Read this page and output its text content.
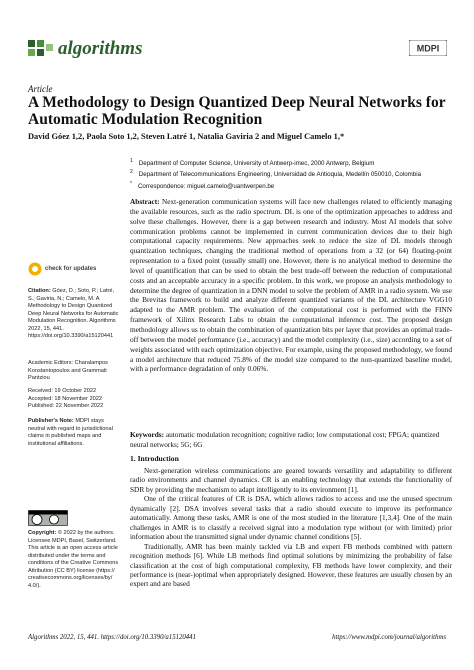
algorithms	MDPI
Article
A Methodology to Design Quantized Deep Neural Networks for Automatic Modulation Recognition
David Góez 1,2, Paola Soto 1,2, Steven Latré 1, Natalia Gaviria 2 and Miguel Camelo 1,*
$^1$ Department of Computer Science, University of Antwerp-imec, 2000 Antwerp, Belgium
$^2$ Department of Telecommunications Engineering, Universidad de Antioquia, Medellín 050010, Colombia
* Correspondence: miguel.camelo@uantwerpen.be
Abstract: Next-generation communication systems will face new challenges related to efficiently managing the available resources, such as the radio spectrum. DL is one of the optimization approaches to address and solve these challenges. However, there is a gap between research and industry. Most AI models that solve communication problems cannot be implemented in current communication devices due to their high computational capacity requirements. New approaches seek to reduce the size of DL models through quantization techniques, changing the traditional method of operations from a 32 (or 64) floating-point representation to a fixed point (usually small) one. However, there is no analytical method to determine the level of quantification that can be used to obtain the best trade-off between the reduction of computational costs and an acceptable accuracy in a specific problem. In this work, we propose an analysis methodology to determine the degree of quantization in a DNN model to solve the problem of AMR in a radio system. We use the Brevitas framework to build and analyze different quantized variants of the DL architecture VGG10 adapted to the AMR problem. The evaluation of the computational cost is performed with the FINN framework of Xilinx Research Labs to obtain the computational inference cost. The proposed design methodology allows us to obtain the combination of quantization bits per layer that provides an optimal trade-off between the model performance (i.e., accuracy) and the model complexity (i.e., size) according to a set of weights associated with each optimization objective. For example, using the proposed methodology, we found a model architecture that reduced 75.8% of the model size compared to the non-quantized baseline model, with a performance degradation of only 0.06%.
Keywords: automatic modulation recognition; cognitive radio; low computational cost; FPGA; quantized neural networks; 5G; 6G
1. Introduction

Next-generation wireless communications are geared towards versatility and adaptability to different radio environments and channel dynamics. CR is an enabling technology that extends the functionality of SDR by providing the mechanism to adapt intelligently to its environment [1].

One of the critical features of CR is DSA, which allows radios to access and use the unused spectrum dynamically [2]. DSA involves several tasks that a radio should execute to improve its performance automatically. Among these tasks, AMR is one of the most studied in the literature [1,3,4]. One of the main challenges in AMR is to classify a received signal into a modulation type without (or with limited) prior information about the transmitted signal under dynamic channel conditions [5].

Traditionally, AMR has been mainly tackled via LB and expert FB methods combined with pattern recognition methods [6]. While LB methods find optimal solutions by minimizing the probability of false classification at the cost of high computational complexity, FB methods have lower complexity, and their performance is (near-)optimal when appropriately designed. However, these features are usually chosen by an expert and are based

check for updates
Citation: Góez, D.; Soto, P.; Latré, S.; Gaviria, N.; Camelo, M. A Methodology to Design Quantized Deep Neural Networks for Automatic Modulation Recognition. Algorithms 2022, 15, 441. https://doi.org/10.3390/a15120441
Academic Editors: Charalampos Konstantopoulos and Grammati Pantziou
Received: 19 October 2022
Accepted: 18 November 2022
Published: 22 November 2022
Publisher's Note: MDPI stays neutral with regard to jurisdictional claims in published maps and institutional affiliations.
Copyright: © 2022 by the authors. Licensee MDPI, Basel, Switzerland. This article is an open access article distributed under the terms and conditions of the Creative Commons Attribution (CC BY) license (https:// creativecommons.org/licenses/by/ 4.0/).
Algorithms 2022, 15, 441. https://doi.org/10.3390/a15120441	https://www.mdpi.com/journal/algorithms
